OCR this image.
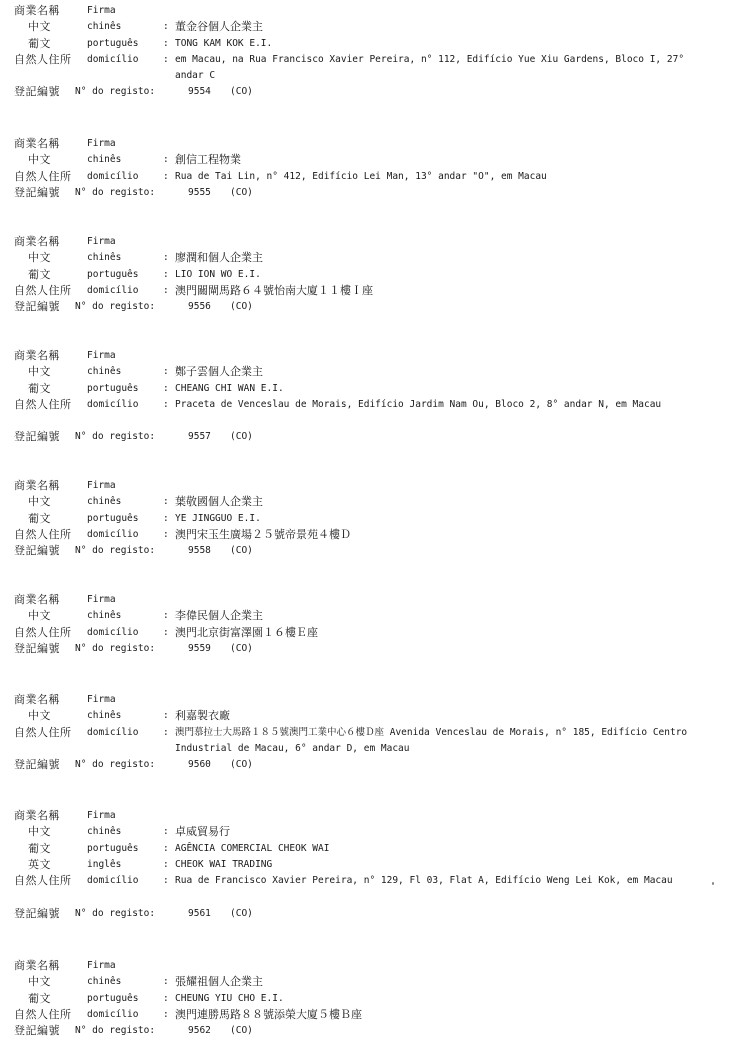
商業名稱	Firma
中文	chinês	: 董金谷個人企業主
葡文	português	: TONG KAM KOK E.I.
自然人住所 domicílio	: em Macau, na Rua Francisco Xavier Pereira, n° 112, Edifício Yue Xiu Gardens, Bloco I, 27° andar C
登記編號 N° do registo:	9554 (CO)
商業名稱	Firma
中文	chinês	: 創信工程物業
自然人住所 domicílio	: Rua de Tai Lin, n° 412, Edifício Lei Man, 13° andar "O", em Macau
登記編號 N° do registo:	9555 (CO)
商業名稱	Firma
中文	chinês	: 廖潤和個人企業主
葡文	português	: LIO ION WO E.I.
自然人住所 domicílio	: 澳門關閘馬路６４號怡南大廈１１樓Ｉ座
登記編號 N° do registo:	9556 (CO)
商業名稱	Firma
中文	chinês	: 鄭子雲個人企業主
葡文	português	: CHEANG CHI WAN E.I.
自然人住所 domicílio	: Praceta de Venceslau de Morais, Edifício Jardim Nam Ou, Bloco 2, 8° andar N, em Macau
登記編號 N° do registo:	9557 (CO)
商業名稱	Firma
中文	chinês	: 葉敬國個人企業主
葡文	português	: YE JINGGUO E.I.
自然人住所 domicílio	: 澳門宋玉生廣場２５號帝景苑４樓Ｄ
登記編號 N° do registo:	9558 (CO)
商業名稱	Firma
中文	chinês	: 李偉民個人企業主
自然人住所 domicílio	: 澳門北京街富澤園１６樓Ｅ座
登記編號 N° do registo:	9559 (CO)
商業名稱	Firma
中文	chinês	: 利嘉製衣廠
自然人住所 domicílio	: 澳門慕拉士大馬路１８５號澳門工業中心６樓Ｄ座 Avenida Venceslau de Morais, n° 185, Edifício Centro Industrial de Macau, 6° andar D, em Macau
登記編號 N° do registo:	9560 (CO)
商業名稱	Firma
中文	chinês	: 卓威貿易行
葡文	português	: AGÊNCIA COMERCIAL CHEOK WAI
英文	inglês	: CHEOK WAI TRADING
自然人住所 domicílio	: Rua de Francisco Xavier Pereira, n° 129, Fl 03, Flat A, Edifício Weng Lei Kok, em Macau
登記編號 N° do registo:	9561 (CO)
商業名稱	Firma
中文	chinês	: 張耀祖個人企業主
葡文	português	: CHEUNG YIU CHO E.I.
自然人住所 domicílio	: 澳門連勝馬路８８號添榮大廈５樓Ｂ座
登記編號 N° do registo:	9562 (CO)
